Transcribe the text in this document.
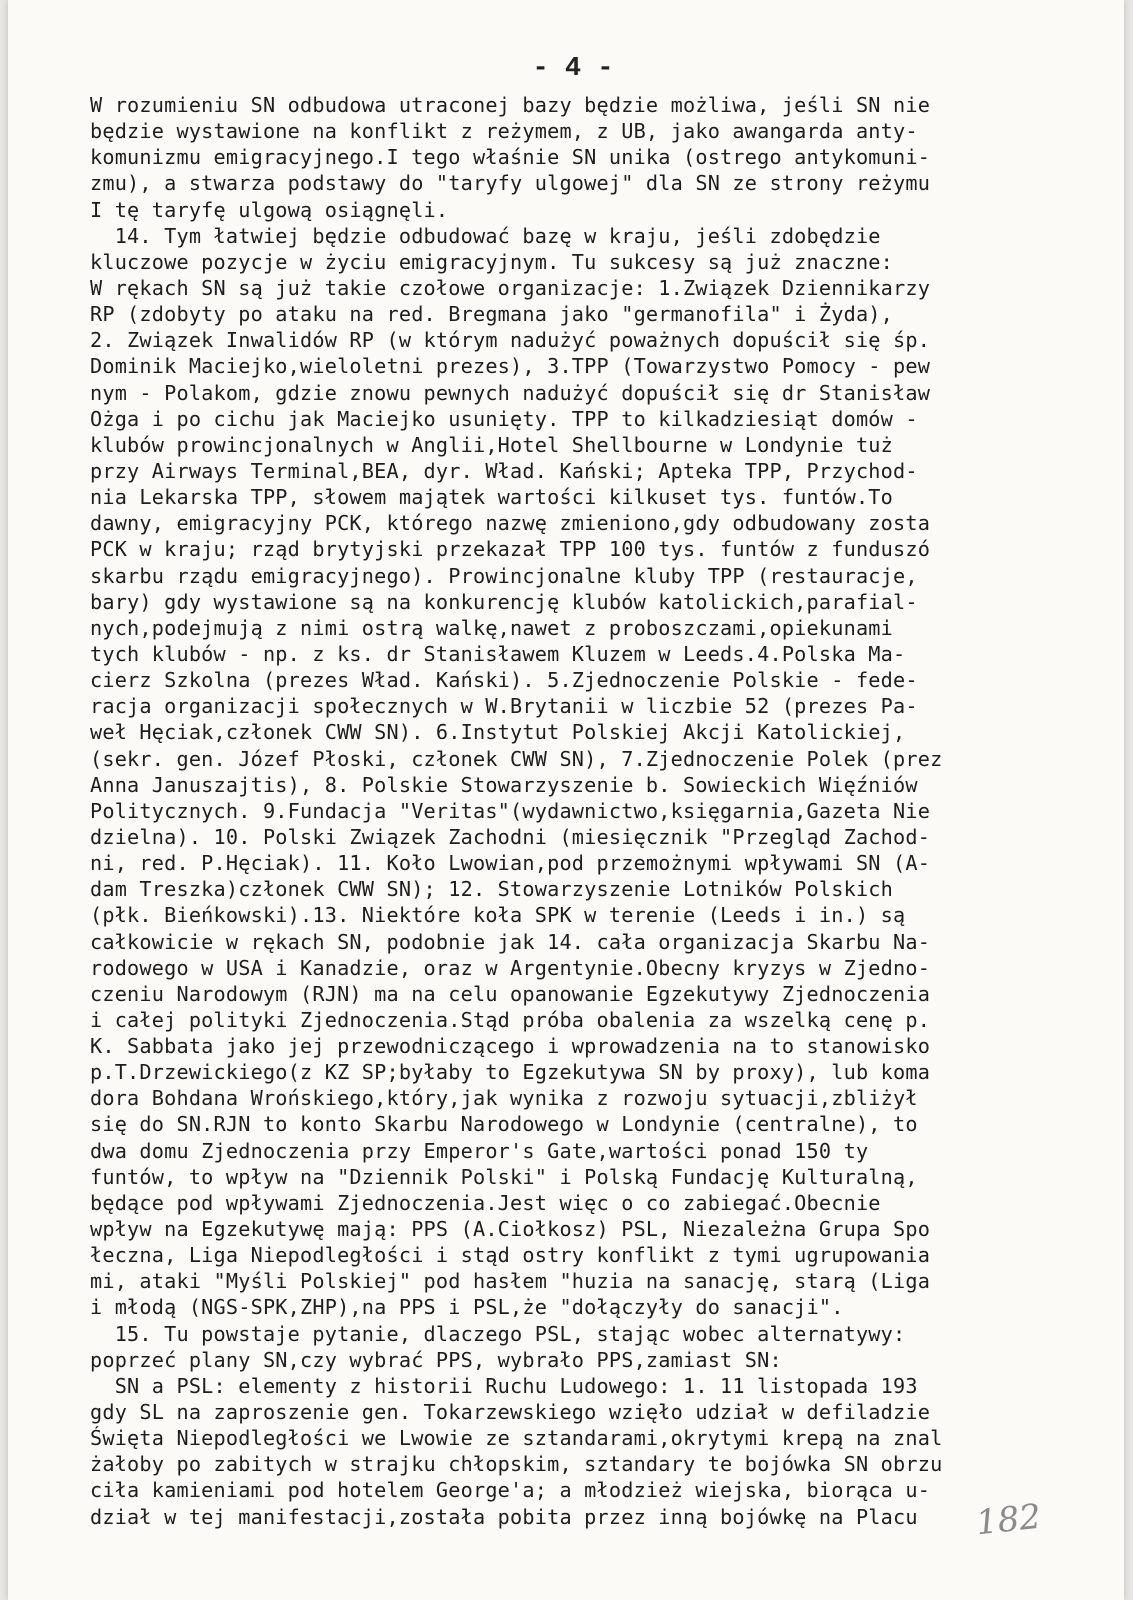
- 4 -
W rozumieniu SN odbudowa utraconej bazy będzie możliwa, jeśli SN nie
będzie wystawione na konflikt z reżymem, z UB, jako awangarda anty-
komunizmu emigracyjnego.I tego właśnie SN unika (ostrego antykomuni-
zmu), a stwarza podstawy do "taryfy ulgowej" dla SN ze strony reżymu
I tę taryfę ulgową osiągnęli.
14. Tym łatwiej będzie odbudować bazę w kraju, jeśli zdobędzie
kluczowe pozycje w życiu emigracyjnym. Tu sukcesy są już znaczne:
W rękach SN są już takie czołowe organizacje: 1.Związek Dziennikarzy
RP (zdobyty po ataku na red. Bregmana jako "germanofila" i Żyda),
2. Związek Inwalidów RP (w którym nadużyć poważnych dopuścił się śp.
Dominik Maciejko,wieloletni prezes), 3.TPP (Towarzystwo Pomocy - pew
nym - Polakom, gdzie znowu pewnych nadużyć dopuścił się dr Stanisław
Ożga i po cichu jak Maciejko usunięty. TPP to kilkadziesiąt domów -
klubów prowincjonalnych w Anglii,Hotel Shellbourne w Londynie tuż
przy Airways Terminal,BEA, dyr. Wład. Kański; Apteka TPP, Przychod-
nia Lekarska TPP, słowem majątek wartości kilkuset tys. funtów.To
dawny, emigracyjny PCK, którego nazwę zmieniono,gdy odbudowany zosta
PCK w kraju; rząd brytyjski przekazał TPP 100 tys. funtów z funduszó
skarbu rządu emigracyjnego). Prowincjonalne kluby TPP (restauracje,
bary) gdy wystawione są na konkurencję klubów katolickich,parafial-
nych,podejmują z nimi ostrą walkę,nawet z proboszczami,opiekunami
tych klubów - np. z ks. dr Stanisławem Kluzem w Leeds.4.Polska Ma-
cierz Szkolna (prezes Wład. Kański). 5.Zjednoczenie Polskie - fede-
racja organizacji społecznych w W.Brytanii w liczbie 52 (prezes Pa-
weł Hęciak,członek CWW SN). 6.Instytut Polskiej Akcji Katolickiej,
(sekr. gen. Józef Płoski, członek CWW SN), 7.Zjednoczenie Polek (prez
Anna Januszajtis), 8. Polskie Stowarzyszenie b. Sowieckich Więźniów
Politycznych. 9.Fundacja "Veritas"(wydawnictwo,księgarnia,Gazeta Nie
dzielna). 10. Polski Związek Zachodni (miesięcznik "Przegląd Zachod-
ni, red. P.Hęciak). 11. Koło Lwowian,pod przemożnymi wpływami SN (A-
dam Treszka)członek CWW SN); 12. Stowarzyszenie Lotników Polskich
(płk. Bieńkowski).13. Niektóre koła SPK w terenie (Leeds i in.) są
całkowicie w rękach SN, podobnie jak 14. cała organizacja Skarbu Na-
rodowego w USA i Kanadzie, oraz w Argentynie.Obecny kryzys w Zjedno-
czeniu Narodowym (RJN) ma na celu opanowanie Egzekutywy Zjednoczenia
i całej polityki Zjednoczenia.Stąd próba obalenia za wszelką cenę p.
K. Sabbata jako jej przewodniczącego i wprowadzenia na to stanowisko
p.T.Drzewickiego(z KZ SP;byłaby to Egzekutywa SN by proxy), lub koma
dora Bohdana Wrońskiego,który,jak wynika z rozwoju sytuacji,zbliżył
się do SN.RJN to konto Skarbu Narodowego w Londynie (centralne), to
dwa domu Zjednoczenia przy Emperor's Gate,wartości ponad 150 ty
funtów, to wpływ na "Dziennik Polski" i Polską Fundację Kulturalną,
będące pod wpływami Zjednoczenia.Jest więc o co zabiegać.Obecnie
wpływ na Egzekutywę mają: PPS (A.Ciołkosz) PSL, Niezależna Grupa Spo
łeczna, Liga Niepodległości i stąd ostry konflikt z tymi ugrupowania
mi, ataki "Myśli Polskiej" pod hasłem "huzia na sanację, starą (Liga
i młodą (NGS-SPK,ZHP),na PPS i PSL,że "dołączyły do sanacji".
15. Tu powstaje pytanie, dlaczego PSL, stając wobec alternatywy:
poprzeć plany SN,czy wybrać PPS, wybrało PPS,zamiast SN:
SN a PSL: elementy z historii Ruchu Ludowego: 1. 11 listopada 193
gdy SL na zaproszenie gen. Tokarzewskiego wzięło udział w defiladzie
Święta Niepodległości we Lwowie ze sztandarami,okrytymi krepą na znal
żałoby po zabitych w strajku chłopskim, sztandary te bojówka SN obrzu
ciła kamieniami pod hotelem George'a; a młodzież wiejska, biorąca u-
dział w tej manifestacji,została pobita przez inną bojówkę na Placu	182
